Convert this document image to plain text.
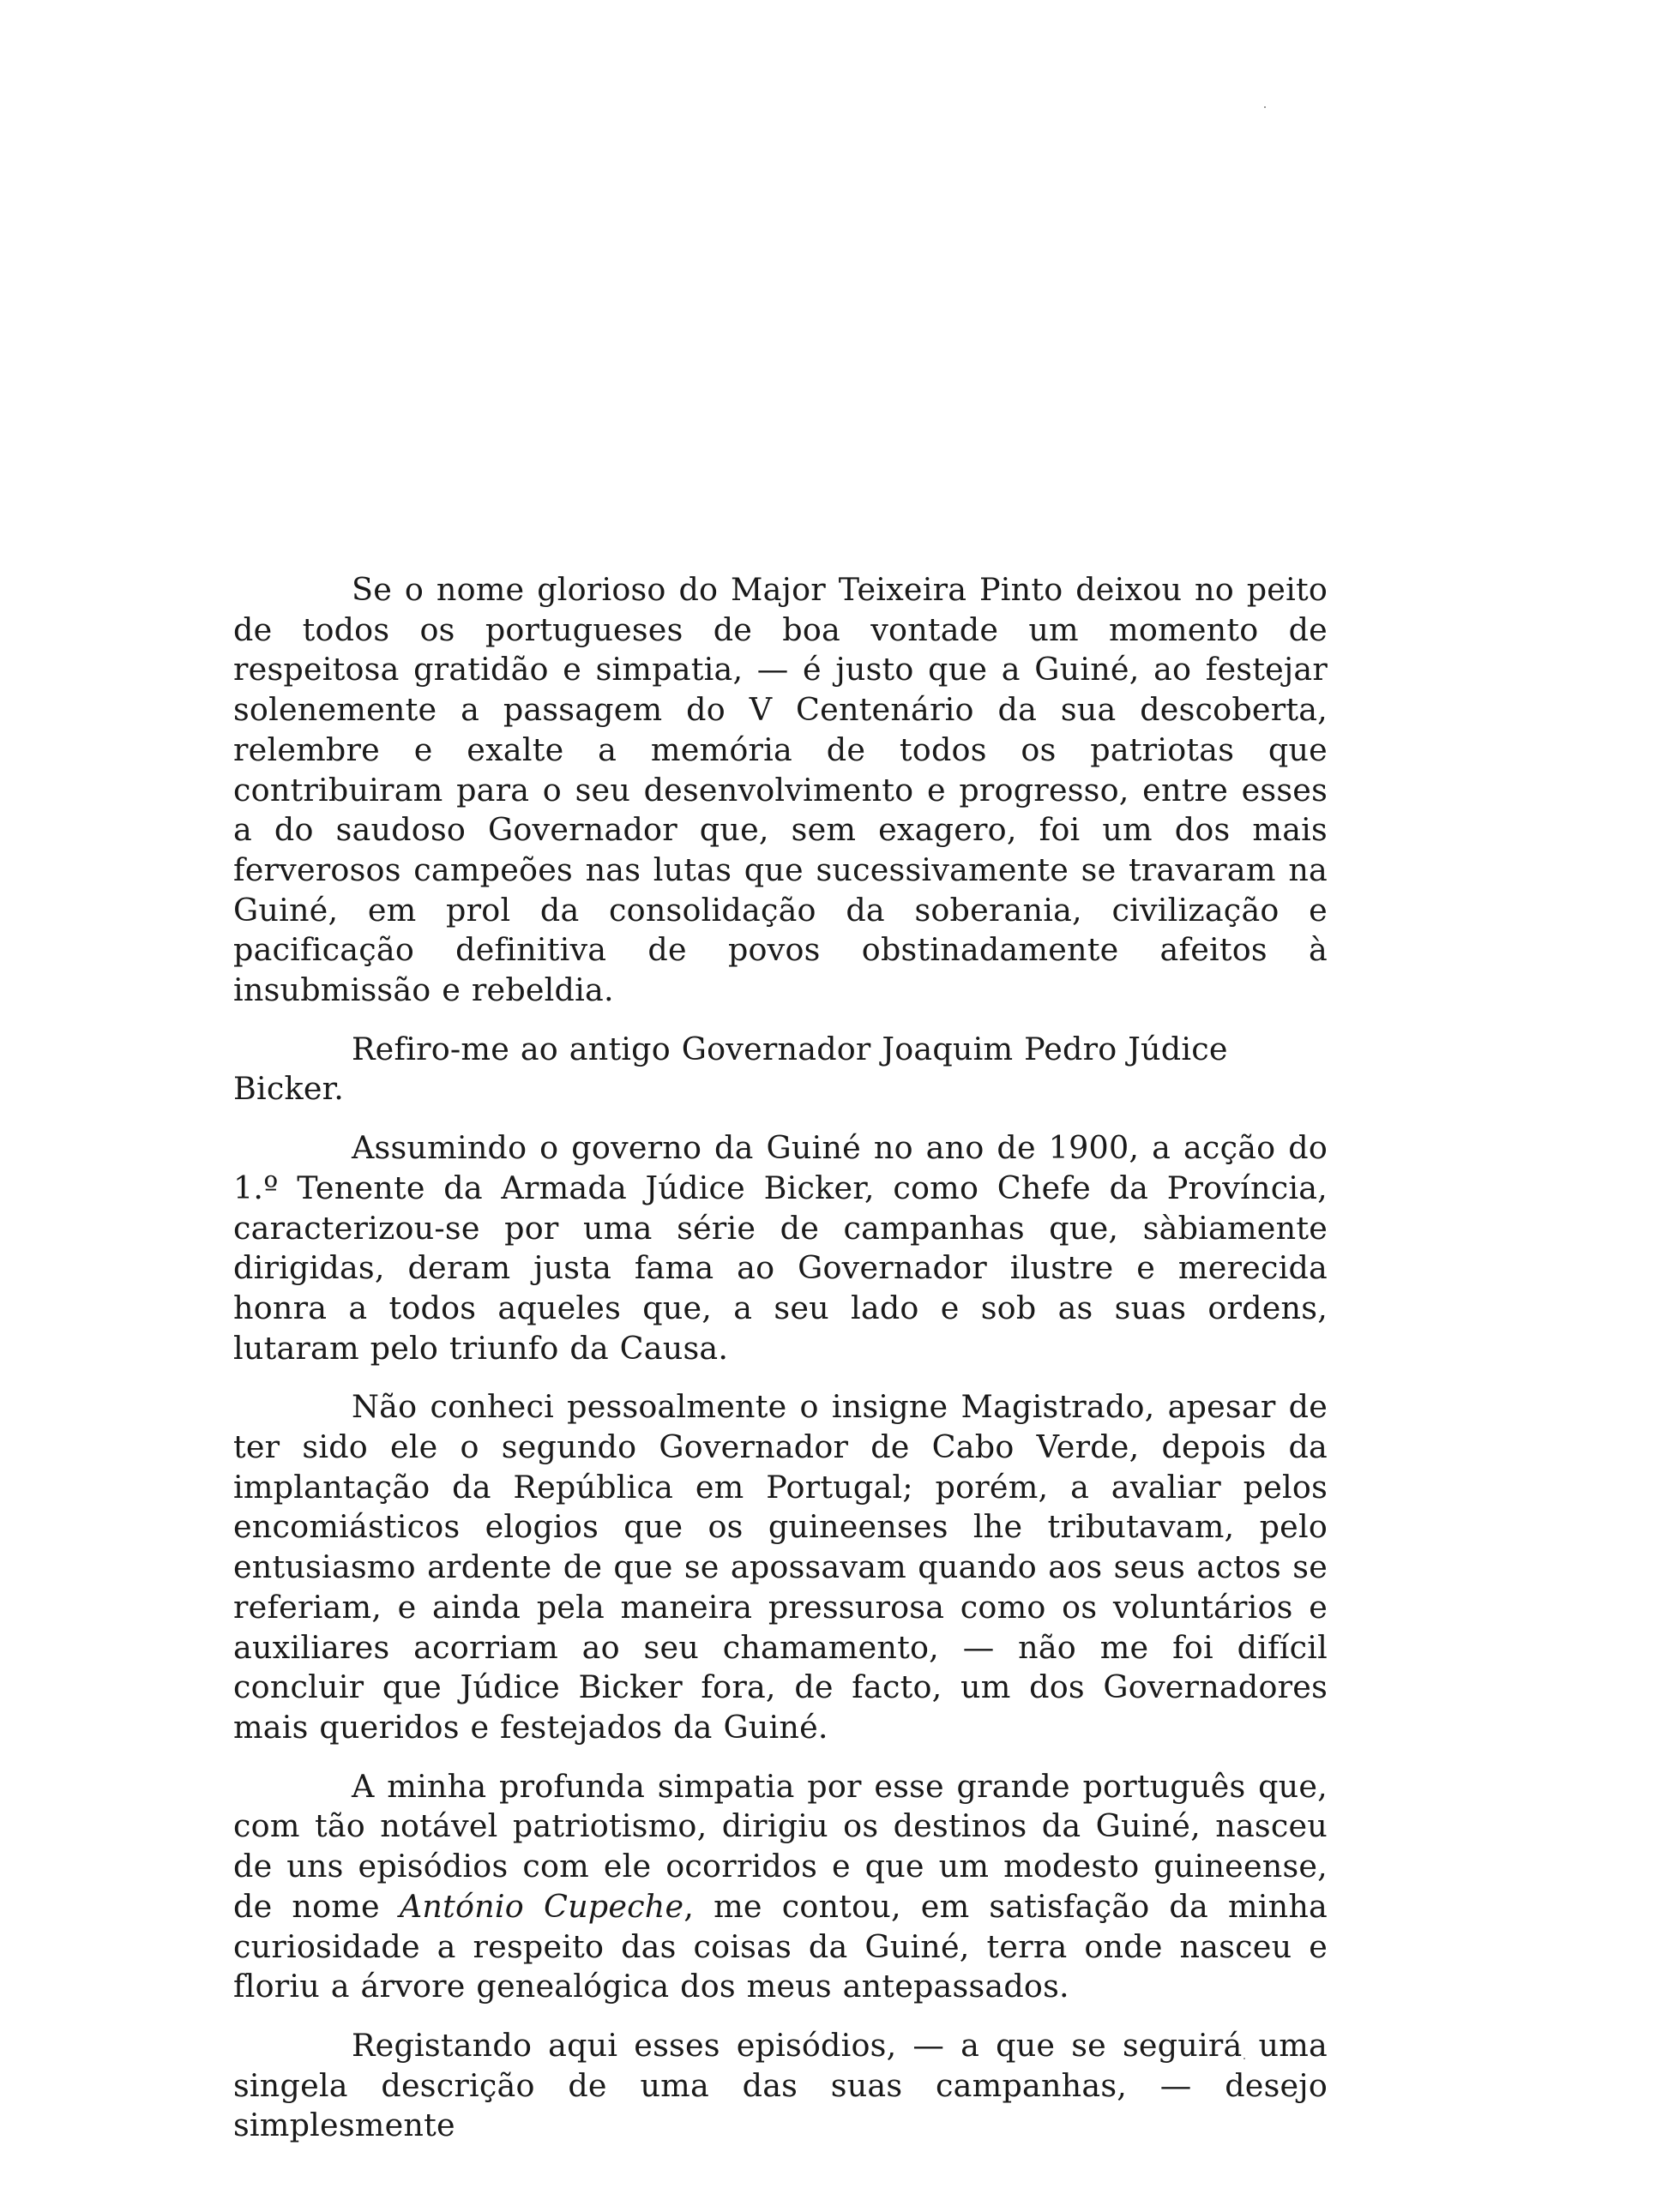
Se o nome glorioso do Major Teixeira Pinto deixou no peito de todos os portugueses de boa vontade um momento de respeitosa gratidão e simpatia, — é justo que a Guiné, ao festejar solenemente a passagem do V Centenário da sua descoberta, relembre e exalte a memória de todos os patriotas que contribuiram para o seu desenvolvimento e progresso, entre esses a do saudoso Governador que, sem exagero, foi um dos mais ferverosos campeões nas lutas que sucessivamente se travaram na Guiné, em prol da consolidação da soberania, civilização e pacificação definitiva de povos obstinadamente afeitos à insubmissão e rebeldia.

Refiro-me ao antigo Governador Joaquim Pedro Júdice Bicker.

Assumindo o governo da Guiné no ano de 1900, a acção do 1.º Tenente da Armada Júdice Bicker, como Chefe da Província, caracterizou-se por uma série de campanhas que, sàbiamente dirigidas, deram justa fama ao Governador ilustre e merecida honra a todos aqueles que, a seu lado e sob as suas ordens, lutaram pelo triunfo da Causa.

Não conheci pessoalmente o insigne Magistrado, apesar de ter sido ele o segundo Governador de Cabo Verde, depois da implantação da República em Portugal; porém, a avaliar pelos encomiásticos elogios que os guineenses lhe tributavam, pelo entusiasmo ardente de que se apossavam quando aos seus actos se referiam, e ainda pela maneira pressurosa como os voluntários e auxiliares acorriam ao seu chamamento, — não me foi difícil concluir que Júdice Bicker fora, de facto, um dos Governadores mais queridos e festejados da Guiné.

A minha profunda simpatia por esse grande português que, com tão notável patriotismo, dirigiu os destinos da Guiné, nasceu de uns episódios com ele ocorridos e que um modesto guineense, de nome António Cupeche, me contou, em satisfação da minha curiosidade a respeito das coisas da Guiné, terra onde nasceu e floriu a árvore genealógica dos meus antepassados.

Registando aqui esses episódios, — a que se seguirá uma singela descrição de uma das suas campanhas, — desejo simplesmente
